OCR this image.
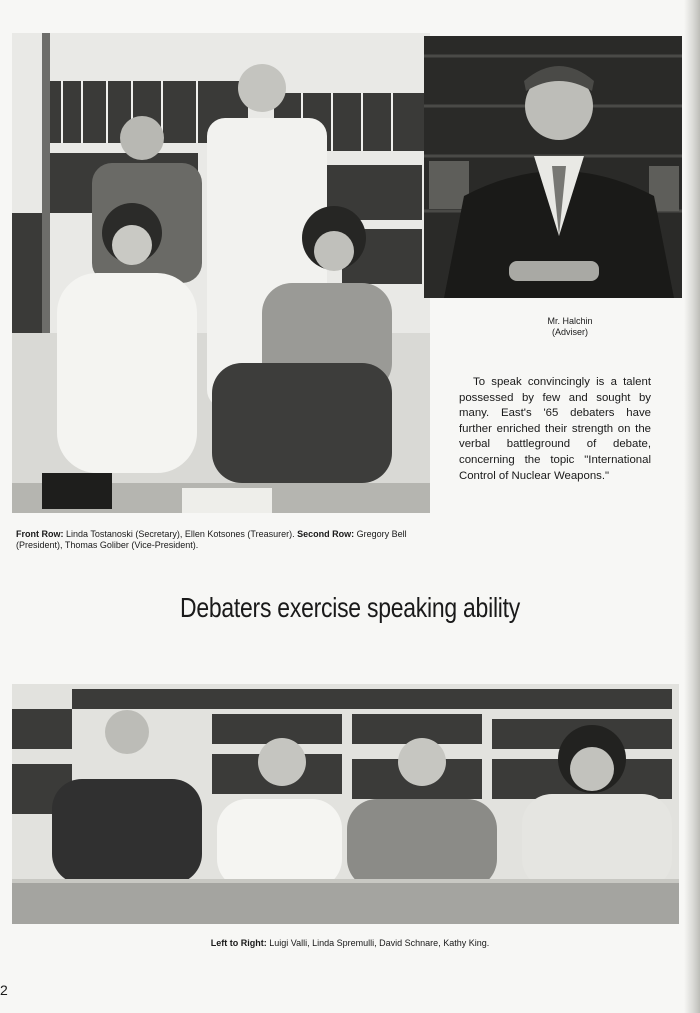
Mr. Halchin
(Adviser)

To speak convincingly is a talent possessed by few and sought by many. East's '65 debaters have further enriched their strength on the verbal battleground of debate, concerning the topic "International Control of Nuclear Weapons."

Front Row: Linda Tostanoski (Secretary), Ellen Kotsones (Treasurer). Second Row: Gregory Bell (President), Thomas Goliber (Vice-President).
Debaters exercise speaking ability
Left to Right: Luigi Valli, Linda Spremulli, David Schnare, Kathy King.
2
